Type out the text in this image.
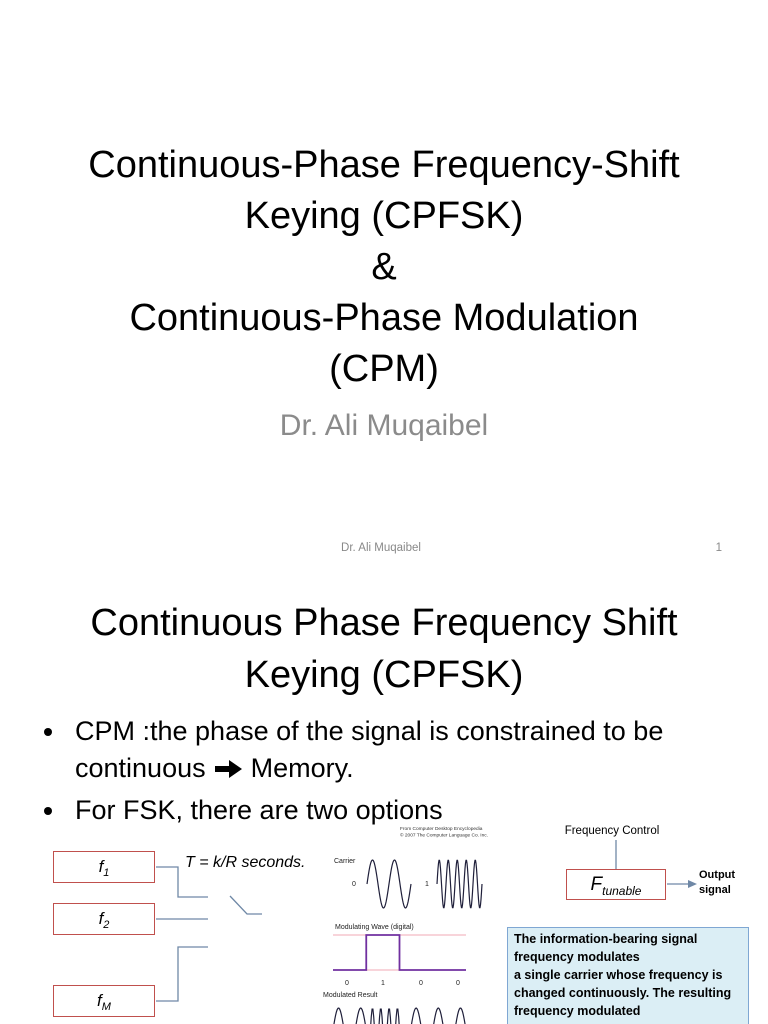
Continuous-Phase Frequency-Shift
Keying (CPFSK)
&
Continuous-Phase Modulation
(CPM)
Dr. Ali Muqaibel
Dr. Ali Muqaibel	1
Continuous Phase Frequency Shift
Keying (CPFSK)
CPM :the phase of the signal is constrained to be continuous Memory.
For FSK, there are two options
$f_1$
$f_2$
$f_M$
T = k/R seconds.
From Computer Desktop Encyclopedia
© 2007 The Computer Language Co. Inc.
Carrier
0	1
Modulating Wave (digital)
0	1	0	0
Modulated Result
Frequency Control
$F_{tunable}$
Output
signal
The information-bearing signal
frequency modulates
a single carrier whose frequency is
changed continuously. The resulting
frequency modulated
